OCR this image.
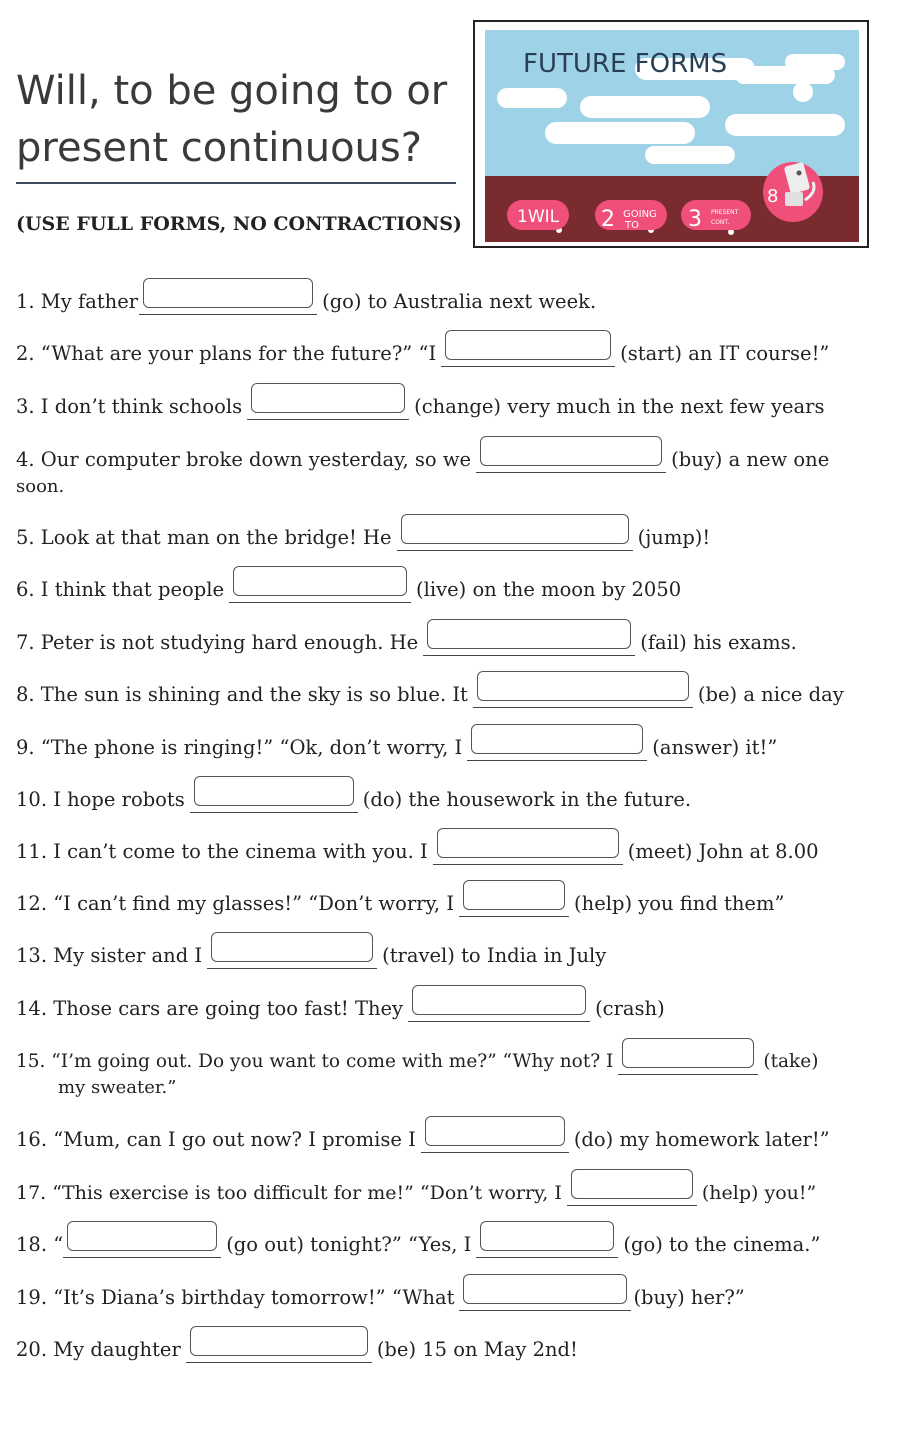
Will, to be going to or
present continuous?
(USE FULL FORMS, NO CONTRACTIONS)
FUTURE FORMS
1WIL 2 GOING
TO 3 PRESENT
CONT.
8
1. My father	(go) to Australia next week.
2. “What are your plans for the future?” “I	(start) an IT course!”
3. I don’t think schools	(change) very much in the next few years
4. Our computer broke down yesterday, so we	(buy) a new one
soon.
5. Look at that man on the bridge! He	(jump)!
6. I think that people	(live) on the moon by 2050
7. Peter is not studying hard enough. He	(fail) his exams.
8. The sun is shining and the sky is so blue. It	(be) a nice day
9. “The phone is ringing!” “Ok, don’t worry, I	(answer) it!”
10. I hope robots	(do) the housework in the future.
11. I can’t come to the cinema with you. I	(meet) John at 8.00
12. “I can’t find my glasses!” “Don’t worry, I	(help) you find them”
13. My sister and I	(travel) to India in July
14. Those cars are going too fast! They	(crash)
15. “I’m going out. Do you want to come with me?” “Why not? I	(take)
my sweater.”
16. “Mum, can I go out now? I promise I	(do) my homework later!”
17. “This exercise is too difficult for me!” “Don’t worry, I	(help) you!”
18. “	(go out) tonight?” “Yes, I	(go) to the cinema.”
19. “It’s Diana’s birthday tomorrow!” “What	(buy) her?”
20. My daughter	(be) 15 on May 2nd!
